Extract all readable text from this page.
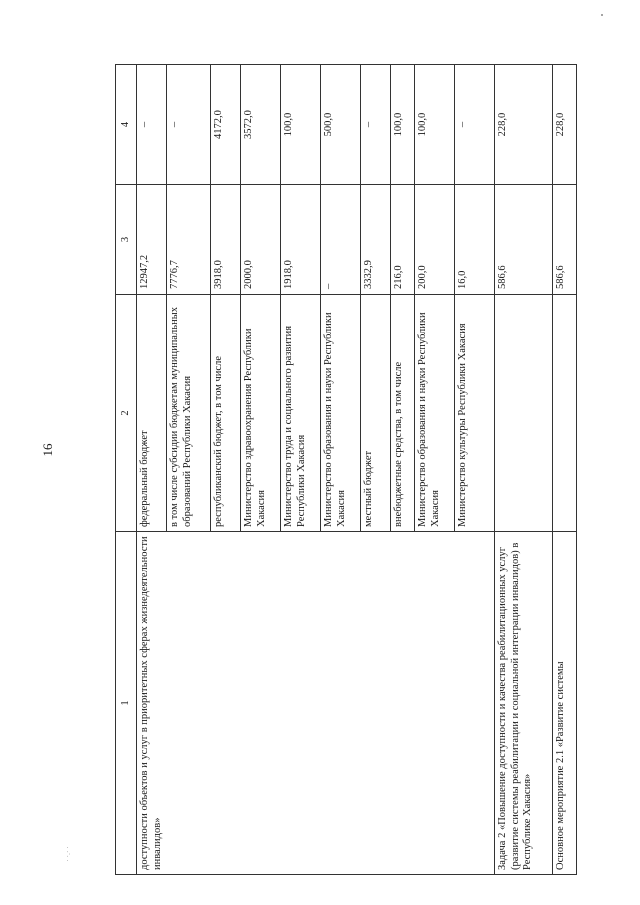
16
1	2	3	4
доступности объектов и услуг в приоритетных сферах жизнедеятельности инвалидов»	федеральный бюджет	12947,2	–
	в том числе субсидии бюджетам муниципальных образований Республики Хакасия	7776,7	–
	республиканский бюджет, в том числе	3918,0	4172,0
	Министерство здравоохранения Республики Хакасия	2000,0	3572,0
	Министерство труда и социального развития Республики Хакасия	1918,0	100,0
	Министерство образования и науки Республики Хакасия	–	500,0
	местный бюджет	3332,9	–
	внебюджетные средства, в том числе	216,0	100,0
	Министерство образования и науки Республики Хакасия	200,0	100,0
	Министерство культуры Республики Хакасия	16,0	–
Задача 2 «Повышение доступности и качества реабилитационных услуг (развитие системы реабилитации и социальной интеграции инвалидов) в Республике Хакасия»		586,6	228,0
Основное мероприятие 2.1 «Развитие системы		586,6	228,0
· ·.· ·
